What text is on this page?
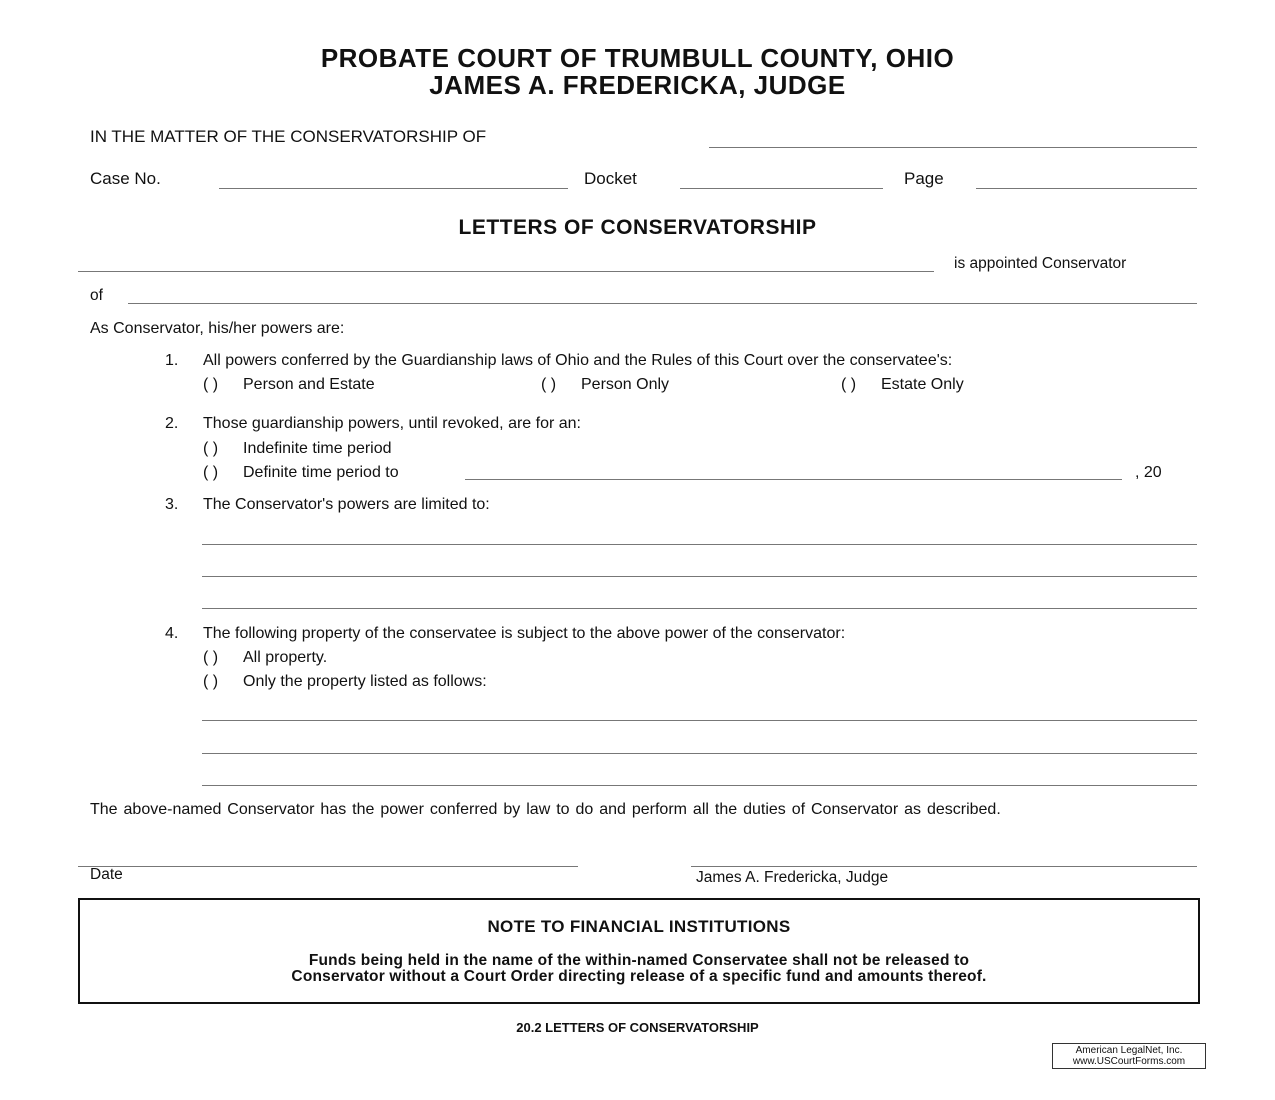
PROBATE COURT OF TRUMBULL COUNTY, OHIO
JAMES A. FREDERICKA, JUDGE
IN THE MATTER OF THE CONSERVATORSHIP OF
Case No.	Docket	Page
LETTERS OF CONSERVATORSHIP
is appointed Conservator
of
As Conservator, his/her powers are:
1. All powers conferred by the Guardianship laws of Ohio and the Rules of this Court over the conservatee's:
( ) Person and Estate	( ) Person Only	( ) Estate Only
2. Those guardianship powers, until revoked, are for an:
( ) Indefinite time period
( ) Definite time period to	, 20
3. The Conservator's powers are limited to:
4. The following property of the conservatee is subject to the above power of the conservator:
( ) All property.
( ) Only the property listed as follows:
The above-named Conservator has the power conferred by law to do and perform all the duties of Conservator as described.
Date	James A. Fredericka, Judge
NOTE TO FINANCIAL INSTITUTIONS
Funds being held in the name of the within-named Conservatee shall not be released to
Conservator without a Court Order directing release of a specific fund and amounts thereof.
20.2 LETTERS OF CONSERVATORSHIP
American LegalNet, Inc.
www.USCourtForms.com
